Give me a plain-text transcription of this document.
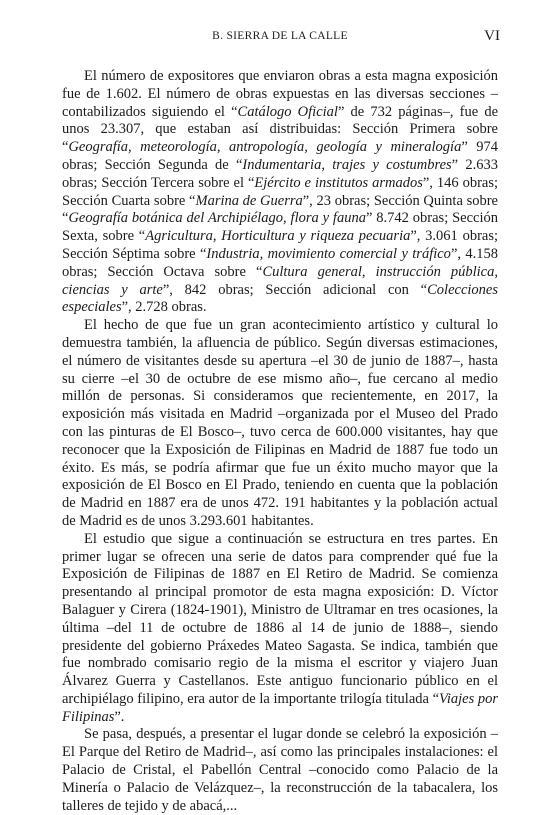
B. SIERRA DE LA CALLE	VI

El número de expositores que enviaron obras a esta magna exposición fue de 1.602. El número de obras expuestas en las diversas secciones –contabilizados siguiendo el “Catálogo Oficial” de 732 páginas–, fue de unos 23.307, que estaban así distribuidas: Sección Primera sobre “Geografía, meteorología, antropología, geología y mineralogía” 974 obras; Sección Segunda de “Indumentaria, trajes y costumbres” 2.633 obras; Sección Tercera sobre el “Ejército e institutos armados”, 146 obras; Sección Cuarta sobre “Marina de Guerra”, 23 obras; Sección Quinta sobre “Geografía botánica del Archipiélago, flora y fauna” 8.742 obras; Sección Sexta, sobre “Agricultura, Horticultura y riqueza pecuaria”, 3.061 obras; Sección Séptima sobre “Industria, movimiento comercial y tráfico”, 4.158 obras; Sección Octava sobre “Cultura general, instrucción pública, ciencias y arte”, 842 obras; Sección adicional con “Colecciones especiales”, 2.728 obras.

El hecho de que fue un gran acontecimiento artístico y cultural lo demuestra también, la afluencia de público. Según diversas estimaciones, el número de visitantes desde su apertura –el 30 de junio de 1887–, hasta su cierre –el 30 de octubre de ese mismo año–, fue cercano al medio millón de personas. Si consideramos que recientemente, en 2017, la exposición más visitada en Madrid –organizada por el Museo del Prado con las pinturas de El Bosco–, tuvo cerca de 600.000 visitantes, hay que reconocer que la Exposición de Filipinas en Madrid de 1887 fue todo un éxito. Es más, se podría afirmar que fue un éxito mucho mayor que la exposición de El Bosco en El Prado, teniendo en cuenta que la población de Madrid en 1887 era de unos 472. 191 habitantes y la población actual de Madrid es de unos 3.293.601 habitantes.

El estudio que sigue a continuación se estructura en tres partes. En primer lugar se ofrecen una serie de datos para comprender qué fue la Exposición de Filipinas de 1887 en El Retiro de Madrid. Se comienza presentando al principal promotor de esta magna exposición: D. Víctor Balaguer y Cirera (1824-1901), Ministro de Ultramar en tres ocasiones, la última –del 11 de octubre de 1886 al 14 de junio de 1888–, siendo presidente del gobierno Práxedes Mateo Sagasta. Se indica, también que fue nombrado comisario regio de la misma el escritor y viajero Juan Álvarez Guerra y Castellanos. Este antiguo funcionario público en el archipiélago filipino, era autor de la importante trilogía titulada “Viajes por Filipinas”.

Se pasa, después, a presentar el lugar donde se celebró la exposición –El Parque del Retiro de Madrid–, así como las principales instalaciones: el Palacio de Cristal, el Pabellón Central –conocido como Palacio de la Minería o Palacio de Velázquez–, la reconstrucción de la tabacalera, los talleres de tejido y de abacá,...
